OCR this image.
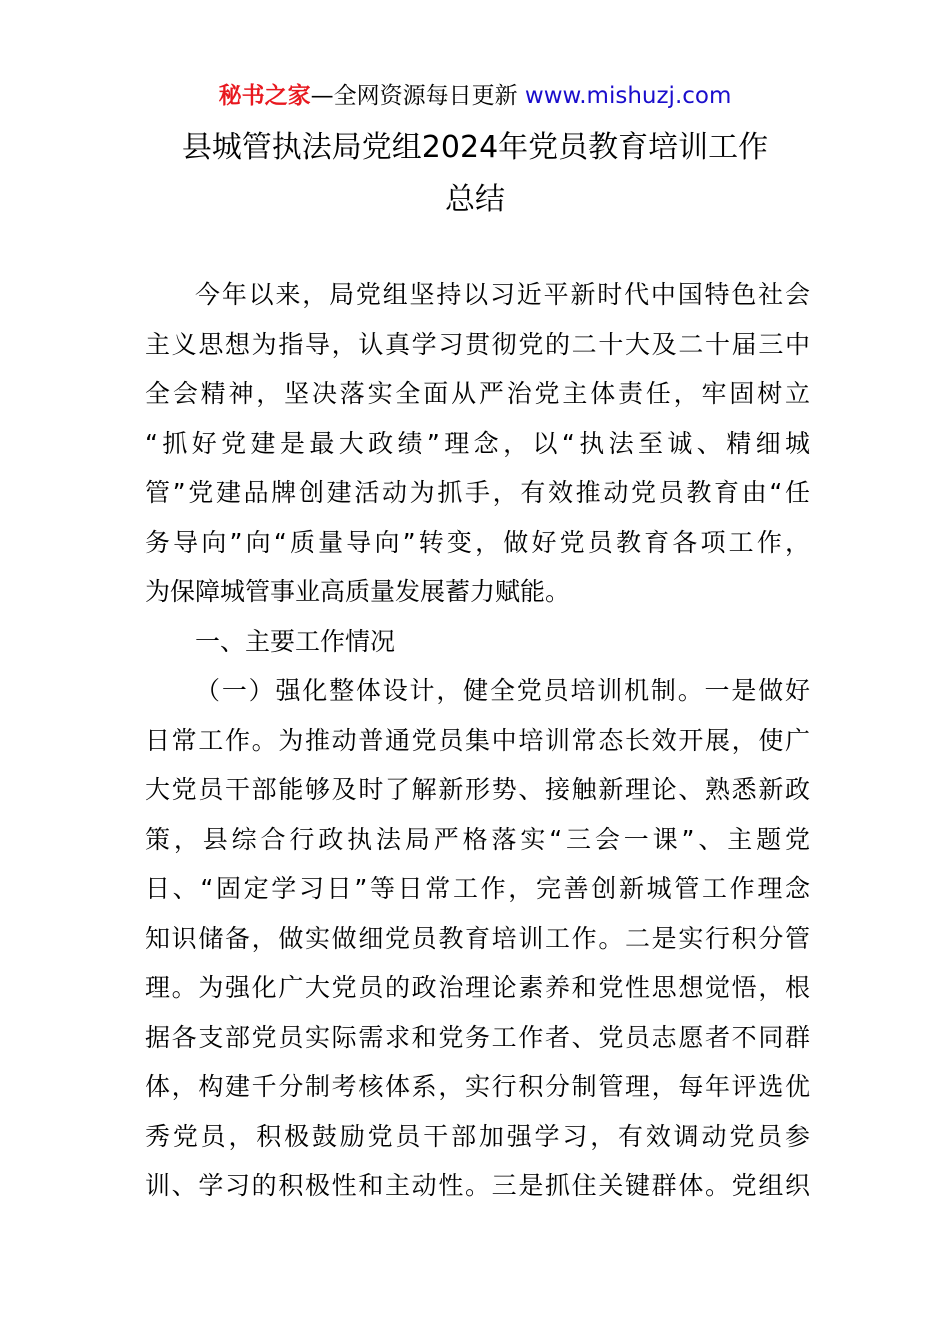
秘书之家—全网资源每日更新 www.mishuzj.com
县城管执法局党组2024年党员教育培训工作
总结
今年以来，局党组坚持以习近平新时代中国特色社会
主义思想为指导，认真学习贯彻党的二十大及二十届三中
全会精神，坚决落实全面从严治党主体责任，牢固树立
“抓好党建是最大政绩”理念，以“执法至诚、精细城
管”党建品牌创建活动为抓手，有效推动党员教育由“任
务导向”向“质量导向”转变，做好党员教育各项工作，
为保障城管事业高质量发展蓄力赋能。
一、主要工作情况
（一）强化整体设计，健全党员培训机制。一是做好
日常工作。为推动普通党员集中培训常态长效开展，使广
大党员干部能够及时了解新形势、接触新理论、熟悉新政
策，县综合行政执法局严格落实“三会一课”、主题党
日、“固定学习日”等日常工作，完善创新城管工作理念
知识储备，做实做细党员教育培训工作。二是实行积分管
理。为强化广大党员的政治理论素养和党性思想觉悟，根
据各支部党员实际需求和党务工作者、党员志愿者不同群
体，构建千分制考核体系，实行积分制管理，每年评选优
秀党员，积极鼓励党员干部加强学习，有效调动党员参
训、学习的积极性和主动性。三是抓住关键群体。党组织
